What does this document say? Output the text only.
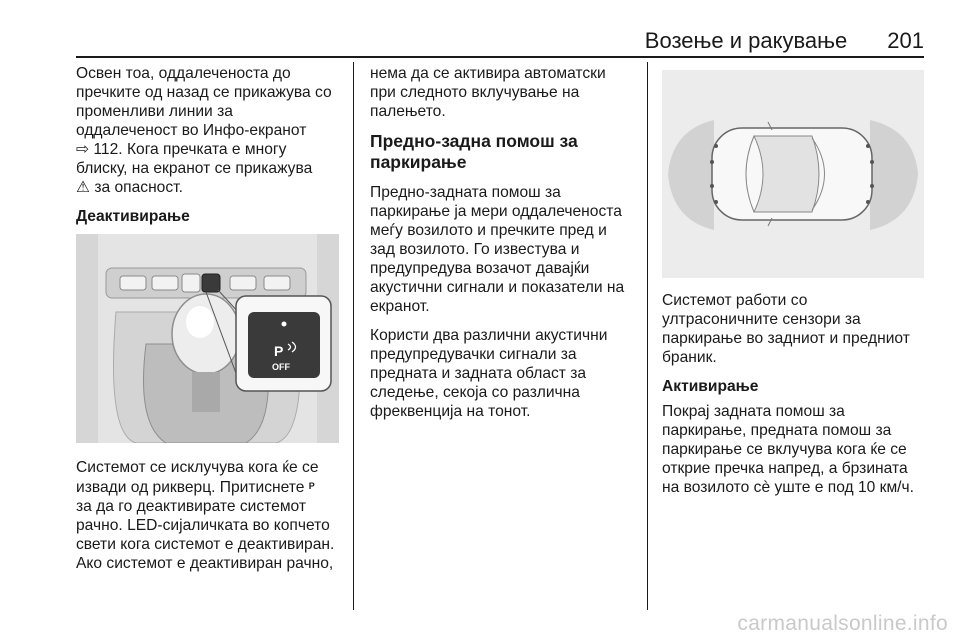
Возење и ракување 201

Освен тоа, оддалеченоста до
пречките од назад се прикажува со
променливи линии за
оддалеченост во Инфо-екранот
⇨ 112. Кога пречката е многу
блиску, на екранот се прикажува
⚠ за опасност.

Деактивирање
P
OFF

Системот се исклучува кога ќе се
извади од рикверц. Притиснете P
за да го деактивирате системот
рачно. LED-сијаличката во копчето
свети кога системот е деактивиран.
Ако системот е деактивиран рачно,

нема да се активира автоматски
при следното вклучување на
палењето.

Предно-задна помош за
паркирање

Предно-задната помош за
паркирање ја мери оддалеченоста
меѓу возилото и пречките пред и
зад возилото. Го известува и
предупредува возачот давајќи
акустични сигнали и показатели на
екранот.

Користи два различни акустични
предупредувачки сигнали за
предната и задната област за
следење, секоја со различна
фреквенција на тонот.

Системот работи со
ултрасоничните сензори за
паркирање во задниот и предниот
браник.

Активирање

Покрај задната помош за
паркирање, предната помош за
паркирање се вклучува кога ќе се
открие пречка напред, а брзината
на возилото сè уште е под 10 км/ч.

carmanualsonline.info
